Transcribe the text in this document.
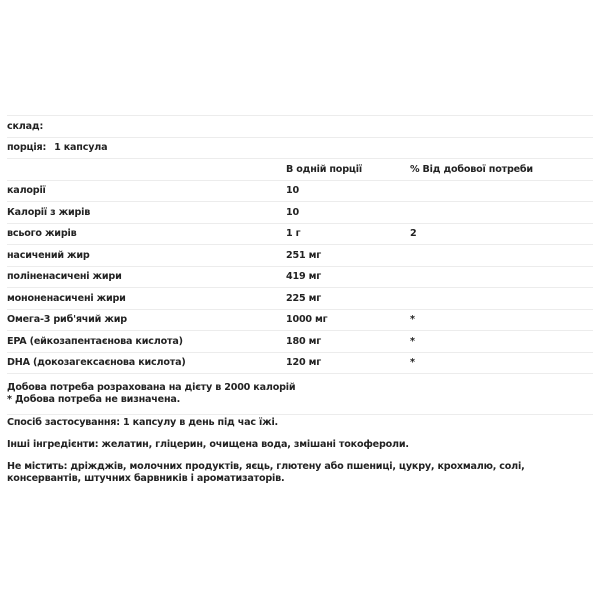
склад:		
порція: 1 капсула		
	В одній порції	% Від добової потреби
калорії	10	
Калорії з жирів	10	
всього жирів	1 г	2
насичений жир	251 мг	
поліненасичені жири	419 мг	
мононенасичені жири	225 мг	
Омега-3 риб'ячий жир	1000 мг	*
EPA (ейкозапентаєнова кислота)	180 мг	*
DHA (докозагексаєнова кислота)	120 мг	*

Добова потреба розрахована на дієту в 2000 калорій
* Добова потреба не визначена.		

Спосіб застосування: 1 капсулу в день під час їжі.

Інші інгредієнти: желатин, гліцерин, очищена вода, змішані токофероли.

Не містить: дріжджів, молочних продуктів, яєць, глютену або пшениці, цукру, крохмалю, солі, консервантів, штучних барвників і ароматизаторів.
